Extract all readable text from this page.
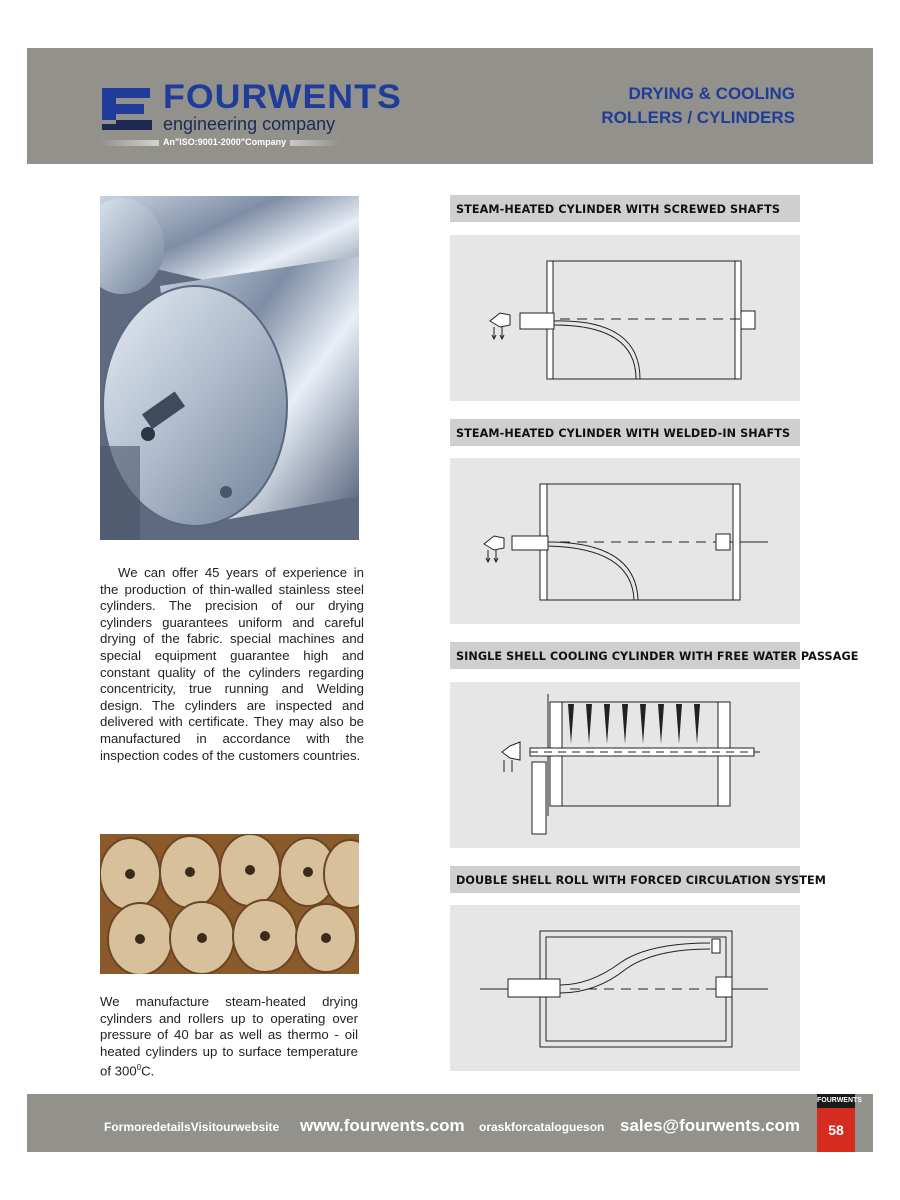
FOURWENTS
engineering company
An"ISO:9001-2000"Company
DRYING & COOLING
ROLLERS / CYLINDERS

We can offer 45 years of experience in the production of thin-walled stainless steel cylinders. The precision of our drying cylinders guarantees uniform and careful drying of the fabric. special machines and special equipment guarantee high and constant quality of the cylinders regarding concentricity, true running and Welding design. The cylinders are inspected and delivered with certificate. They may also be manufactured in accordance with the inspection codes of the customers countries.

We manufacture steam-heated drying cylinders and rollers up to operating over pressure of 40 bar as well as thermo - oil heated cylinders up to surface temperature of $300^0C$.

STEAM-HEATED CYLINDER WITH SCREWED SHAFTS
STEAM-HEATED CYLINDER WITH WELDED-IN SHAFTS
SINGLE SHELL COOLING CYLINDER WITH FREE WATER PASSAGE
DOUBLE SHELL ROLL WITH FORCED CIRCULATION SYSTEM
FormoredetailsVisitourwebsite www.fourwents.com oraskforcatalogueson sales@fourwents.com
FOURWENTS
58
